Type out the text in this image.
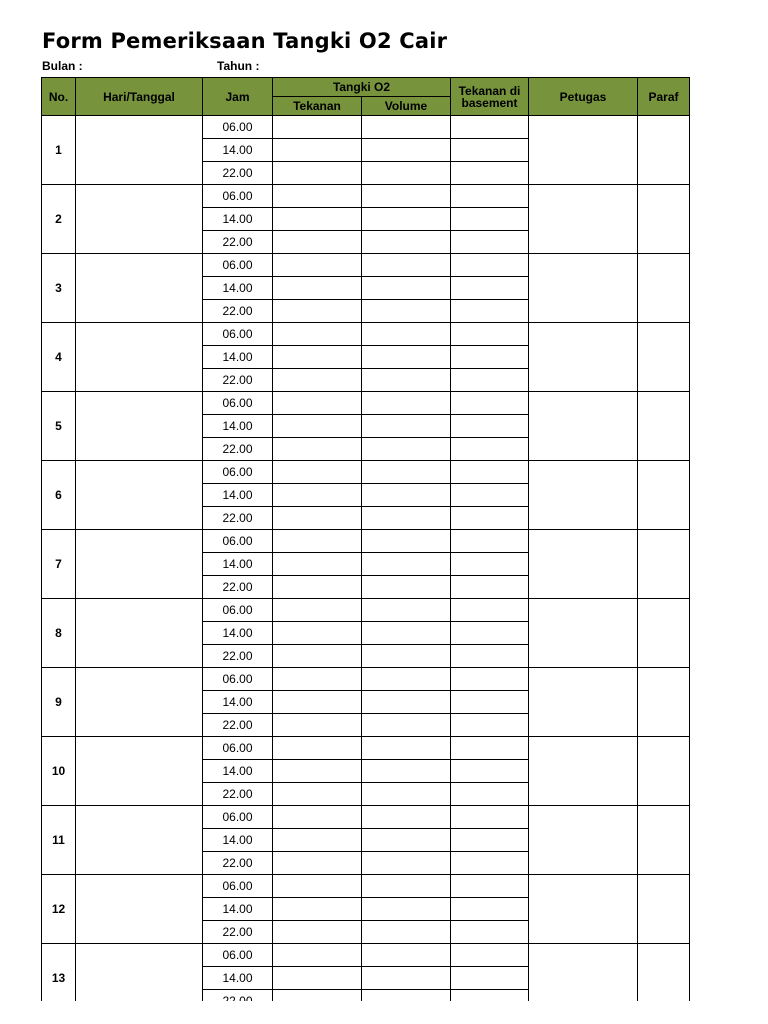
Form Pemeriksaan Tangki O2 Cair
Bulan :	Tahun :
No.	Hari/Tanggal	Jam	Tangki O2		Tekanan di basement	Petugas	Paraf
			Tekanan	Volume			
1		06.00					
		14.00					
		22.00					
2		06.00					
		14.00					
		22.00					
3		06.00					
		14.00					
		22.00					
4		06.00					
		14.00					
		22.00					
5		06.00					
		14.00					
		22.00					
6		06.00					
		14.00					
		22.00					
7		06.00					
		14.00					
		22.00					
8		06.00					
		14.00					
		22.00					
9		06.00					
		14.00					
		22.00					
10		06.00					
		14.00					
		22.00					
11		06.00					
		14.00					
		22.00					
12		06.00					
		14.00					
		22.00					
13		06.00					
		14.00					
